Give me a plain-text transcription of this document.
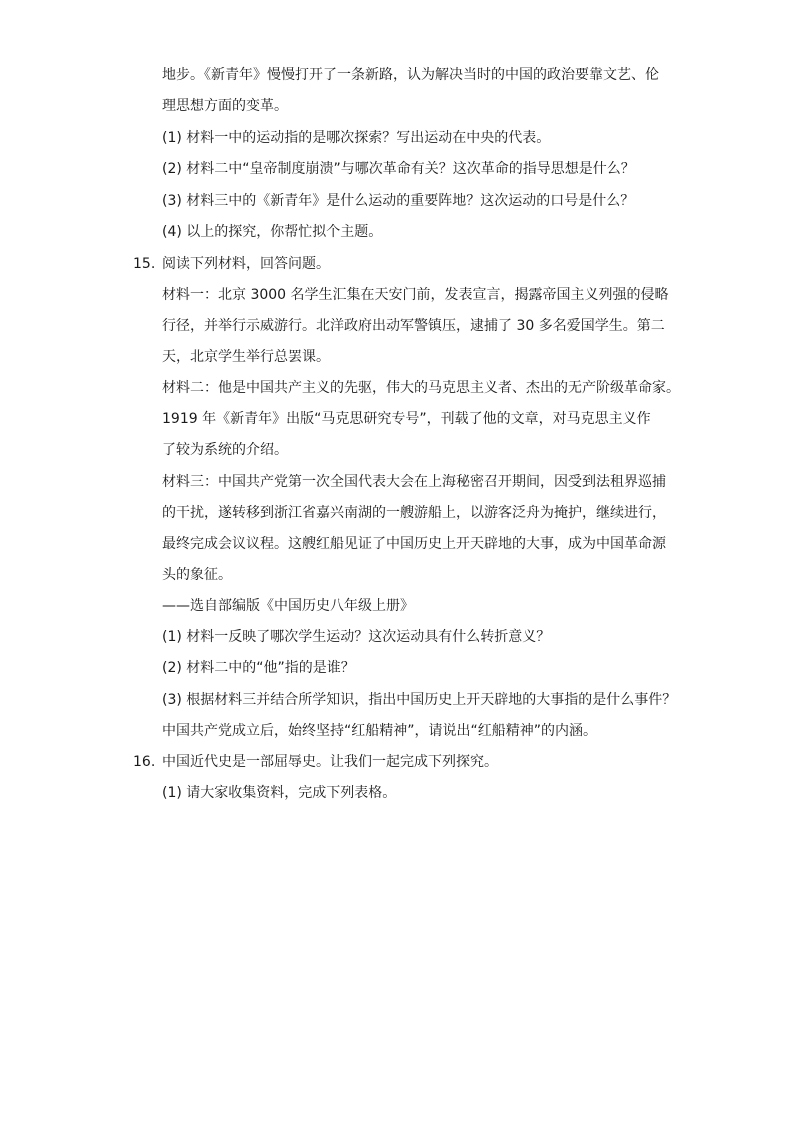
地步。《新青年》慢慢打开了一条新路，认为解决当时的中国的政治要靠文艺、伦
理思想方面的变革。
(1) 材料一中的运动指的是哪次探索？写出运动在中央的代表。
(2) 材料二中“皇帝制度崩溃”与哪次革命有关？这次革命的指导思想是什么？
(3) 材料三中的《新青年》是什么运动的重要阵地？这次运动的口号是什么？
(4) 以上的探究，你帮忙拟个主题。
15. 阅读下列材料，回答问题。
材料一：北京 3000 名学生汇集在天安门前，发表宣言，揭露帝国主义列强的侵略
行径，并举行示威游行。北洋政府出动军警镇压，逮捕了 30 多名爱国学生。第二
天，北京学生举行总罢课。
材料二：他是中国共产主义的先驱，伟大的马克思主义者、杰出的无产阶级革命家。
1919 年《新青年》出版“马克思研究专号”，刊载了他的文章，对马克思主义作
了较为系统的介绍。
材料三：中国共产党第一次全国代表大会在上海秘密召开期间，因受到法租界巡捕
的干扰，遂转移到浙江省嘉兴南湖的一艘游船上，以游客泛舟为掩护，继续进行，
最终完成会议议程。这艘红船见证了中国历史上开天辟地的大事，成为中国革命源
头的象征。
——选自部编版《中国历史八年级上册》
(1) 材料一反映了哪次学生运动？这次运动具有什么转折意义？
(2) 材料二中的“他”指的是谁？
(3) 根据材料三并结合所学知识，指出中国历史上开天辟地的大事指的是什么事件？
中国共产党成立后，始终坚持“红船精神”，请说出“红船精神”的内涵。
16. 中国近代史是一部屈辱史。让我们一起完成下列探究。
(1) 请大家收集资料，完成下列表格。
